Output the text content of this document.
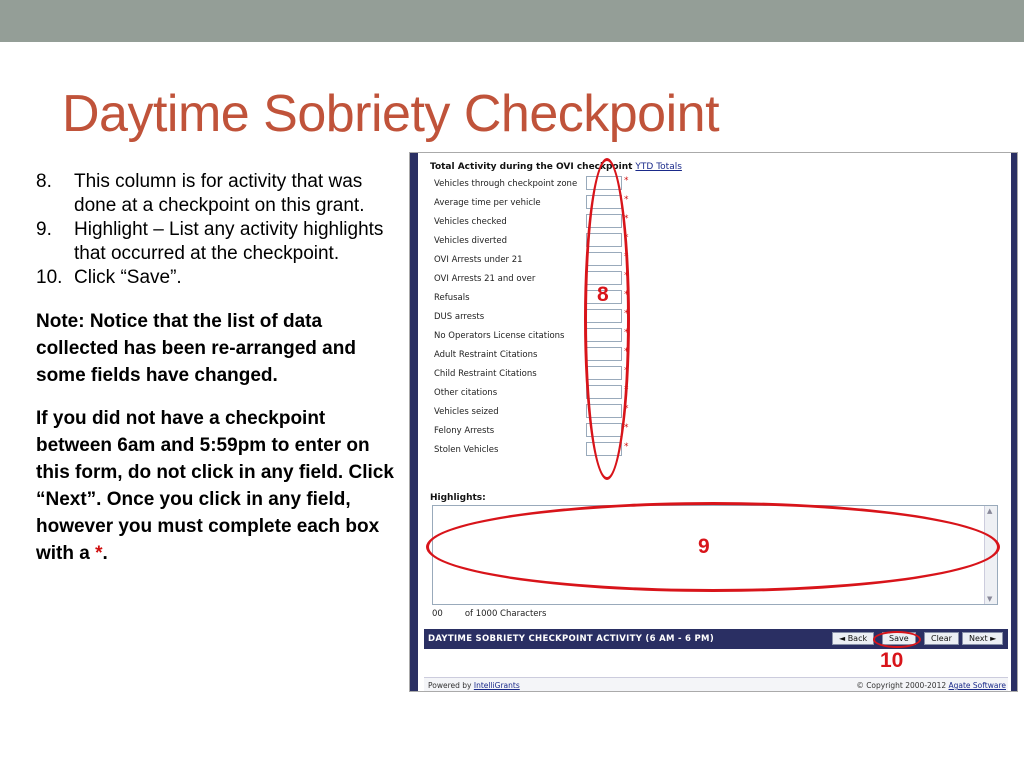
Daytime Sobriety Checkpoint
8.	This column is for activity that was done at a checkpoint on this grant.
9.	Highlight – List any activity highlights that occurred at the checkpoint.
10. Click “Save”.
Note: Notice that the list of data collected has been re-arranged and some fields have changed.
If you did not have a checkpoint between 6am and 5:59pm to enter on this form, do not click in any field. Click “Next”. Once you click in any field, however you must complete each box with a *.
Total Activity during the OVI checkpoint YTD Totals
Vehicles through checkpoint zone	*
Average time per vehicle	*
Vehicles checked	*
Vehicles diverted	*
OVI Arrests under 21	*
OVI Arrests 21 and over	*
Refusals	*
DUS arrests	*
No Operators License citations	*
Adult Restraint Citations	*
Child Restraint Citations	*
Other citations	*
Vehicles seized	*
Felony Arrests	*
Stolen Vehicles	*
Highlights:
▲
▼
00	of 1000 Characters
DAYTIME SOBRIETY CHECKPOINT ACTIVITY (6 AM - 6 PM)	◄ Back	Save	Clear	Next ►
Powered by IntelliGrants	© Copyright 2000-2012 Agate Software
8
9
10
